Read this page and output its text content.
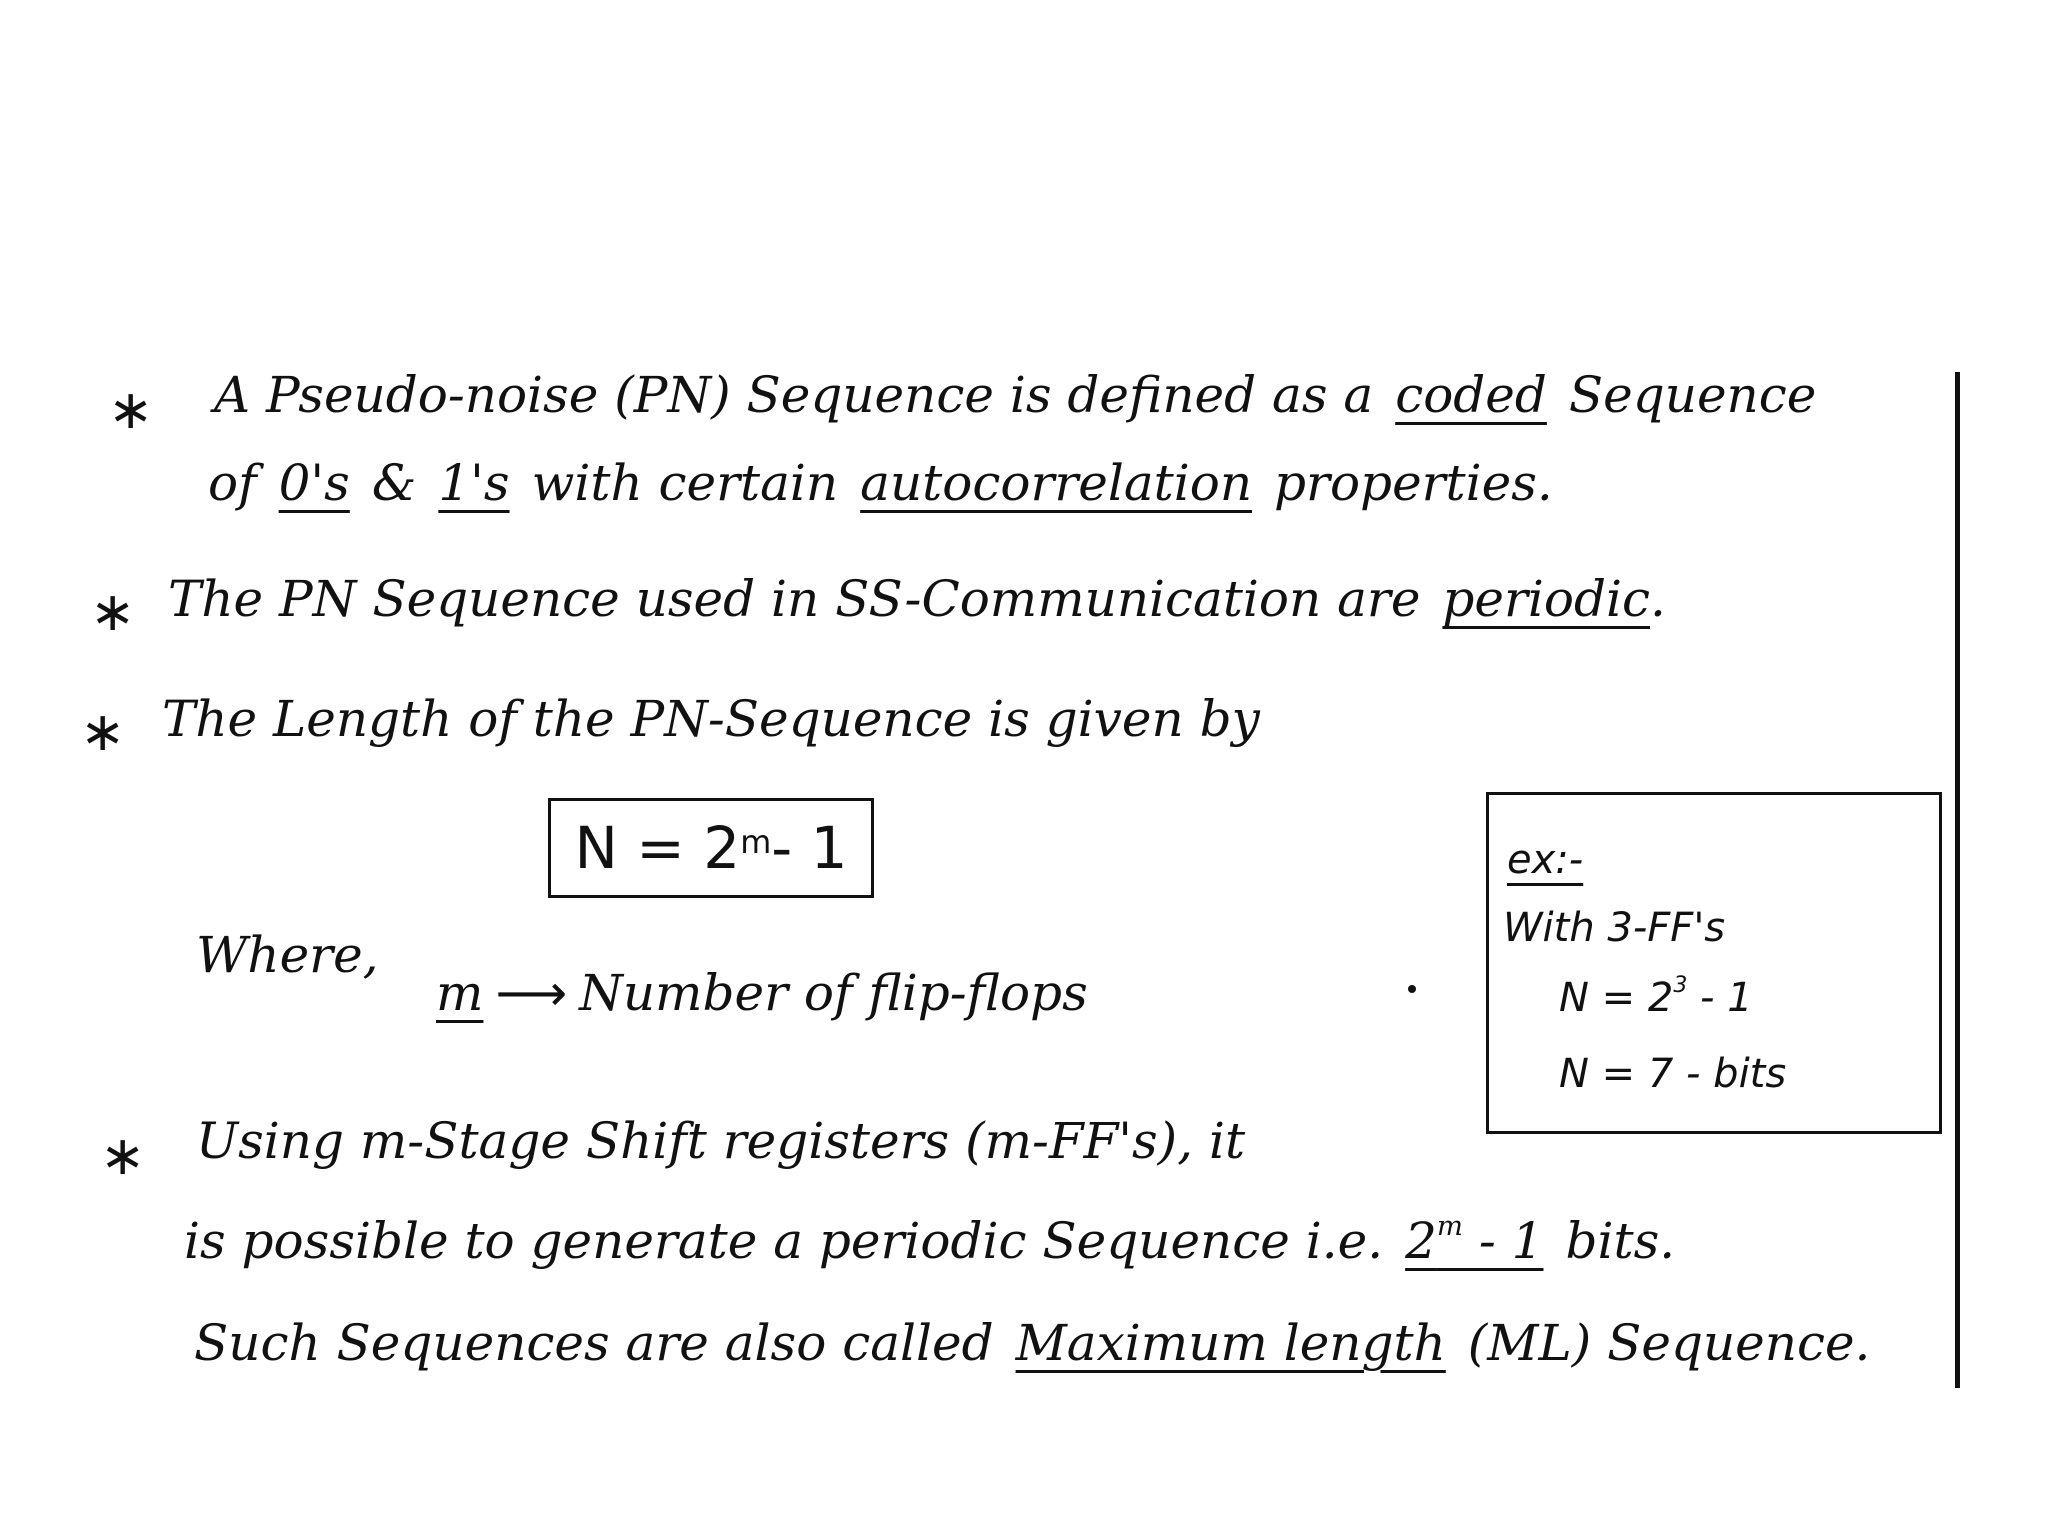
∗ A Pseudo-noise (PN) Sequence is defined as a coded Sequence
of 0's & 1's with certain autocorrelation properties.
∗ The PN Sequence used in SS-Communication are periodic.
∗ The Length of the PN-Sequence is given by
$N = 2^m - 1$
Where,
m ⟶ Number of flip-flops
ex:-
With 3-FF's
$N = 2^3 - 1$
N = 7 - bits
∗ Using m-Stage Shift registers (m-FF's), it
is possible to generate a periodic Sequence i.e. 2$^m$ - 1 bits.
Such Sequences are also called Maximum length (ML) Sequence.
